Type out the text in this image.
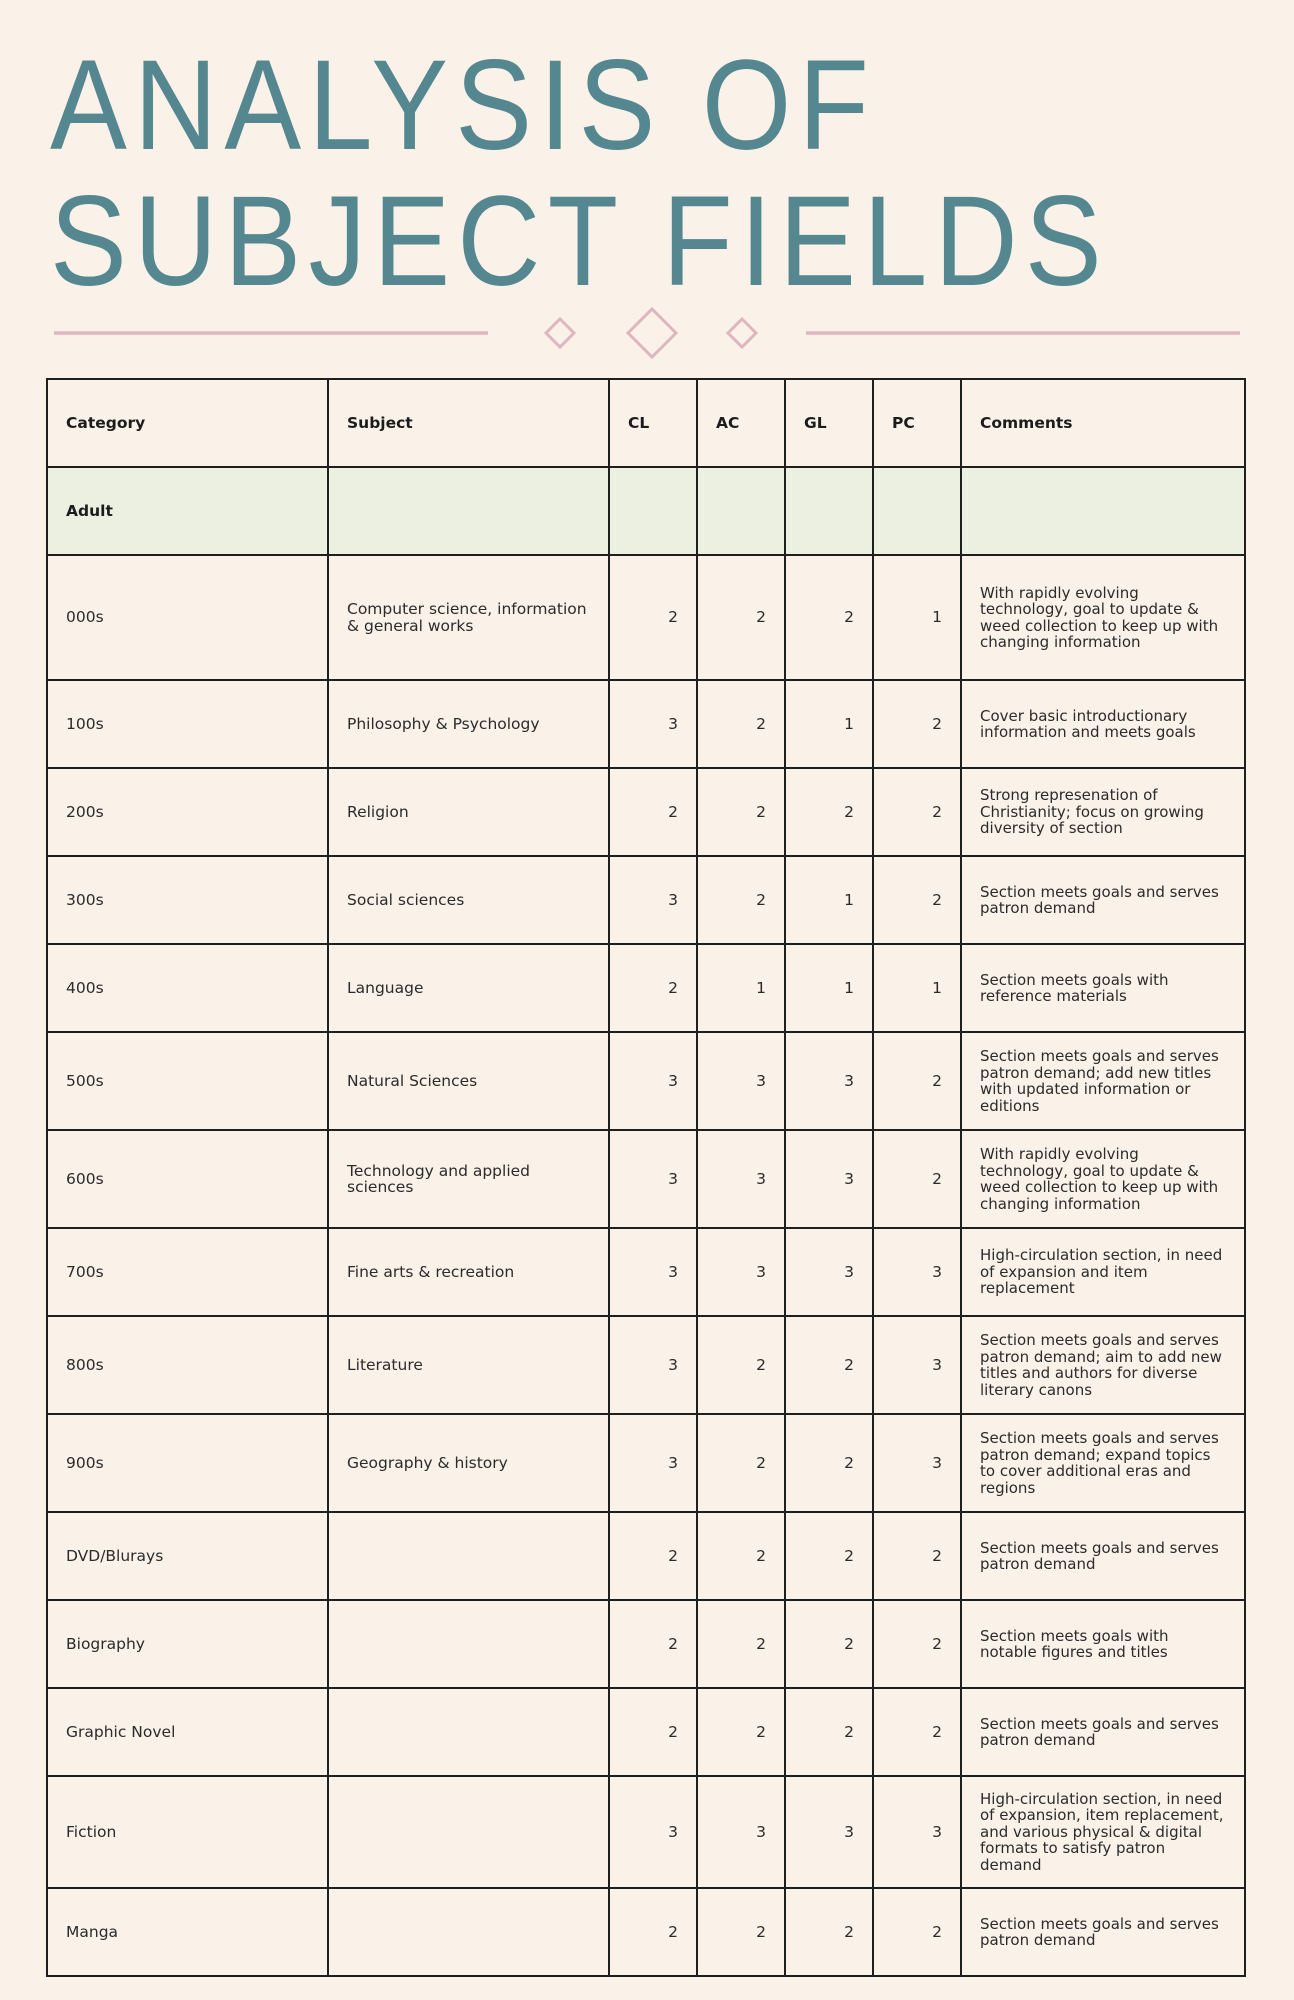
ANALYSIS OF
SUBJECT FIELDS
Category	Subject	CL	AC	GL	PC	Comments
Adult						
000s	Computer science, information & general works	2	2	2	1	With rapidly evolving technology, goal to update & weed collection to keep up with changing information
100s	Philosophy & Psychology	3	2	1	2	Cover basic introductionary information and meets goals
200s	Religion	2	2	2	2	Strong represenation of Christianity; focus on growing diversity of section
300s	Social sciences	3	2	1	2	Section meets goals and serves patron demand
400s	Language	2	1	1	1	Section meets goals with reference materials
500s	Natural Sciences	3	3	3	2	Section meets goals and serves patron demand; add new titles with updated information or editions
600s	Technology and applied sciences	3	3	3	2	With rapidly evolving technology, goal to update & weed collection to keep up with changing information
700s	Fine arts & recreation	3	3	3	3	High-circulation section, in need of expansion and item replacement
800s	Literature	3	2	2	3	Section meets goals and serves patron demand; aim to add new titles and authors for diverse literary canons
900s	Geography & history	3	2	2	3	Section meets goals and serves patron demand; expand topics to cover additional eras and regions
DVD/Blurays		2	2	2	2	Section meets goals and serves patron demand
Biography		2	2	2	2	Section meets goals with notable figures and titles
Graphic Novel		2	2	2	2	Section meets goals and serves patron demand
Fiction		3	3	3	3	High-circulation section, in need of expansion, item replacement, and various physical & digital formats to satisfy patron demand
Manga		2	2	2	2	Section meets goals and serves patron demand
